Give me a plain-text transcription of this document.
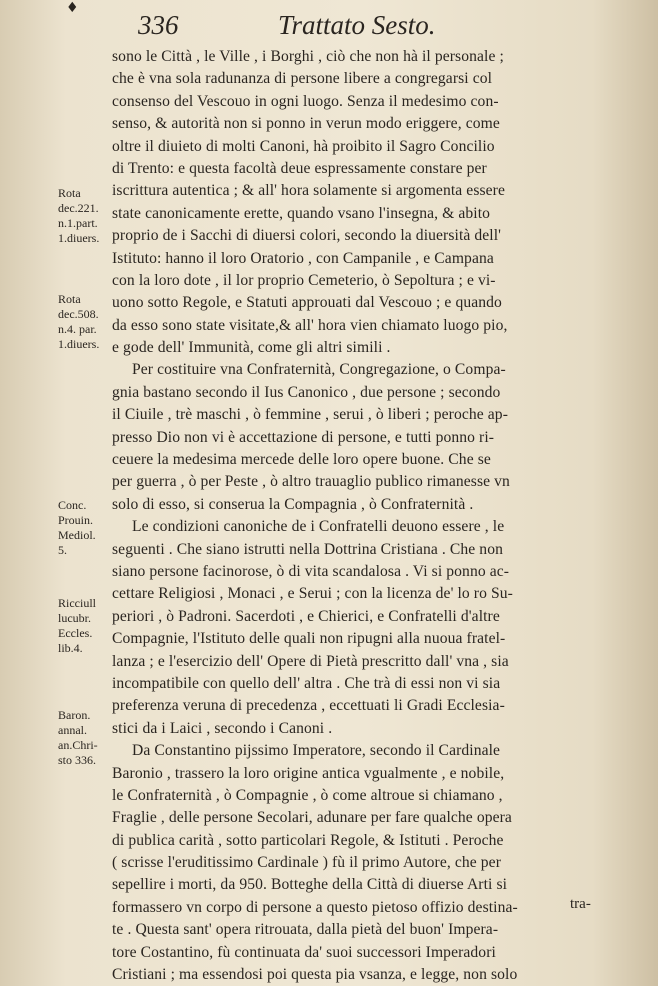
336	Trattato Sesto.
♦
Rota
dec.221.
n.1.part.
1.diuers.
Rota
dec.508.
n.4. par.
1.diuers.
Conc.
Prouin.
Mediol.
5.
Ricciull
lucubr.
Eccles.
lib.4.
Baron.
annal.
an.Chri-
sto 336.
sono le Città , le Ville , i Borghi , ciò che non hà il personale ;
che è vna sola radunanza di persone libere a congregarsi col
consenso del Vescouo in ogni luogo. Senza il medesimo con-
senso, & autorità non si ponno in verun modo eriggere, come
oltre il diuieto di molti Canoni, hà proibito il Sagro Concilio
di Trento: e questa facoltà deue espressamente constare per
iscrittura autentica ; & all' hora solamente si argomenta essere
state canonicamente erette, quando vsano l'insegna, & abito
proprio de i Sacchi di diuersi colori, secondo la diuersità dell'
Istituto: hanno il loro Oratorio , con Campanile , e Campana
con la loro dote , il lor proprio Cemeterio, ò Sepoltura ; e vi-
uono sotto Regole, e Statuti approuati dal Vescouo ; e quando
da esso sono state visitate,& all' hora vien chiamato luogo pio,
e gode dell' Immunità, come gli altri simili .
Per costituire vna Confraternità, Congregazione, o Compa-
gnia bastano secondo il Ius Canonico , due persone ; secondo
il Ciuile , trè maschi , ò femmine , serui , ò liberi ; peroche ap-
presso Dio non vi è accettazione di persone, e tutti ponno ri-
ceuere la medesima mercede delle loro opere buone. Che se
per guerra , ò per Peste , ò altro trauaglio publico rimanesse vn
solo di esso, si conserua la Compagnia , ò Confraternità .
Le condizioni canoniche de i Confratelli deuono essere , le
seguenti . Che siano istrutti nella Dottrina Cristiana . Che non
siano persone facinorose, ò di vita scandalosa . Vi si ponno ac-
cettare Religiosi , Monaci , e Serui ; con la licenza de' lo ro Su-
periori , ò Padroni. Sacerdoti , e Chierici, e Confratelli d'altre
Compagnie, l'Istituto delle quali non ripugni alla nuoua fratel-
lanza ; e l'esercizio dell' Opere di Pietà prescritto dall' vna , sia
incompatibile con quello dell' altra . Che trà di essi non vi sia
preferenza veruna di precedenza , eccettuati li Gradi Ecclesia-
stici da i Laici , secondo i Canoni .
Da Constantino pijssimo Imperatore, secondo il Cardinale
Baronio , trassero la loro origine antica vgualmente , e nobile,
le Confraternità , ò Compagnie , ò come altroue si chiamano ,
Fraglie , delle persone Secolari, adunare per fare qualche opera
di publica carità , sotto particolari Regole, & Istituti . Peroche
( scrisse l'eruditissimo Cardinale ) fù il primo Autore, che per
sepellire i morti, da 950. Botteghe della Città di diuerse Arti si
formassero vn corpo di persone a questo pietoso offizio destina-
te . Questa sant' opera ritrouata, dalla pietà del buon' Impera-
tore Costantino, fù continuata da' suoi successori Imperadori
Cristiani ; ma essendosi poi questa pia vsanza, e legge, non solo
tra-
